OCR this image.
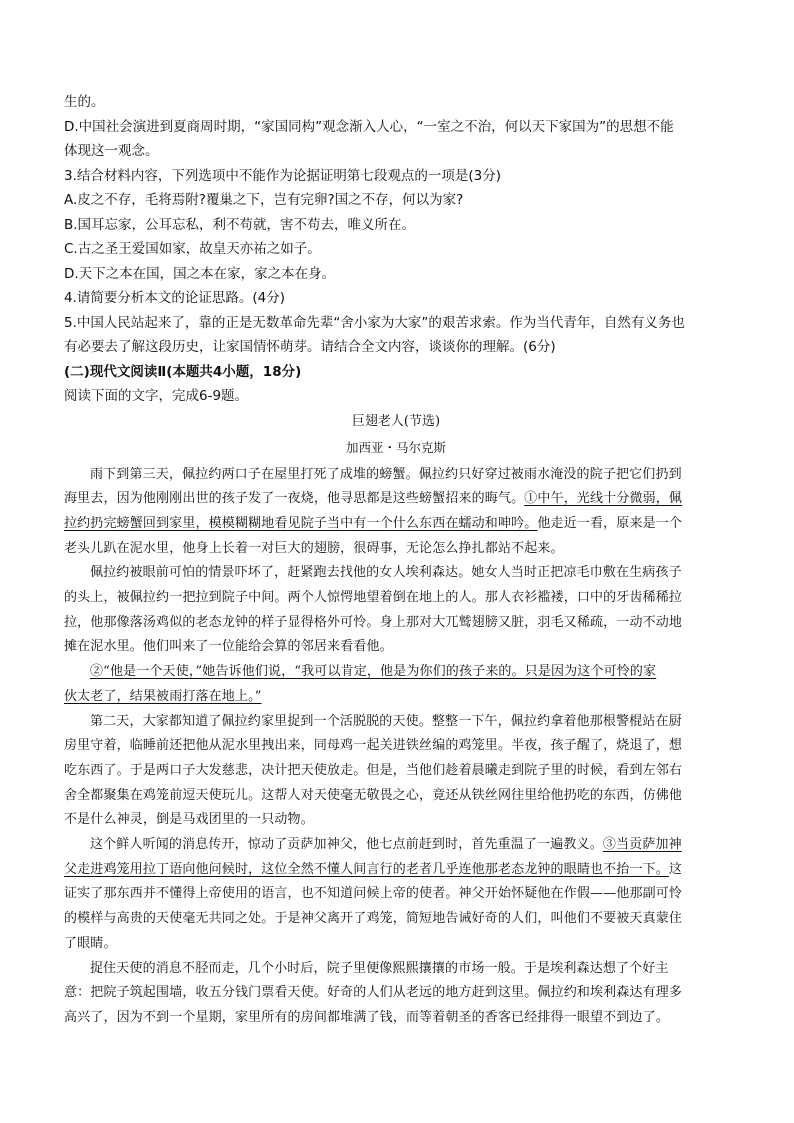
生的。
D.中国社会演进到夏商周时期，“家国同构”观念渐入人心，“一室之不治，何以天下家国为”的思想不能
体现这一观念。
3.结合材料内容，下列选项中不能作为论据证明第七段观点的一项是(3分)
A.皮之不存，毛将焉附?覆巢之下，岂有完卵?国之不存，何以为家?
B.国耳忘家，公耳忘私，利不苟就，害不苟去，唯义所在。
C.古之圣王爱国如家，故皇天亦祐之如子。
D.天下之本在国，国之本在家，家之本在身。
4.请简要分析本文的论证思路。(4分)
5.中国人民站起来了，靠的正是无数革命先辈“舍小家为大家”的艰苦求索。作为当代青年，自然有义务也
有必要去了解这段历史，让家国情怀萌芽。请结合全文内容，谈谈你的理解。(6分)
(二)现代文阅读Ⅱ(本题共4小题，18分)
阅读下面的文字，完成6-9题。
巨翅老人(节选)
加西亚・马尔克斯
雨下到第三天，佩拉约两口子在屋里打死了成堆的螃蟹。佩拉约只好穿过被雨水淹没的院子把它们扔到
海里去，因为他刚刚出世的孩子发了一夜烧，他寻思都是这些螃蟹招来的晦气。①中午，光线十分微弱，佩
拉约扔完螃蟹回到家里，模模糊糊地看见院子当中有一个什么东西在蠕动和呻吟。他走近一看，原来是一个
老头儿趴在泥水里，他身上长着一对巨大的翅膀，很碍事，无论怎么挣扎都站不起来。
佩拉约被眼前可怕的情景吓坏了，赶紧跑去找他的女人埃利森达。她女人当时正把凉毛巾敷在生病孩子
的头上，被佩拉约一把拉到院子中间。两个人惊愕地望着倒在地上的人。那人衣衫褴褛，口中的牙齿稀稀拉
拉，他那像落汤鸡似的老态龙钟的样子显得格外可怜。身上那对大兀鹫翅膀又脏，羽毛又稀疏，一动不动地
摊在泥水里。他们叫来了一位能给会算的邻居来看看他。
②“他是一个天使，”她告诉他们说，“我可以肯定，他是为你们的孩子来的。只是因为这个可怜的家
伙太老了，结果被雨打落在地上。”
第二天，大家都知道了佩拉约家里捉到一个活脱脱的天使。整整一下午，佩拉约拿着他那根警棍站在厨
房里守着，临睡前还把他从泥水里拽出来，同母鸡一起关进铁丝编的鸡笼里。半夜，孩子醒了，烧退了，想
吃东西了。于是两口子大发慈悲，决计把天使放走。但是，当他们趁着晨曦走到院子里的时候，看到左邻右
舍全都聚集在鸡笼前逗天使玩儿。这帮人对天使毫无敬畏之心，竟还从铁丝网往里给他扔吃的东西，仿佛他
不是什么神灵，倒是马戏团里的一只动物。
这个鲜人听闻的消息传开，惊动了贡萨加神父，他七点前赶到时，首先重温了一遍教义。③当贡萨加神
父走进鸡笼用拉丁语向他问候时，这位全然不懂人间言行的老者几乎连他那老态龙钟的眼睛也不抬一下。这
证实了那东西并不懂得上帝使用的语言，也不知道问候上帝的使者。神父开始怀疑他在作假——他那副可怜
的模样与高贵的天使毫无共同之处。于是神父离开了鸡笼，简短地告诫好奇的人们，叫他们不要被天真蒙住
了眼睛。
捉住天使的消息不胫而走，几个小时后，院子里便像熙熙攘攘的市场一般。于是埃利森达想了个好主
意：把院子筑起围墙，收五分钱门票看天使。好奇的人们从老远的地方赶到这里。佩拉约和埃利森达有理多
高兴了，因为不到一个星期，家里所有的房间都堆满了钱，而等着朝圣的香客已经排得一眼望不到边了。
